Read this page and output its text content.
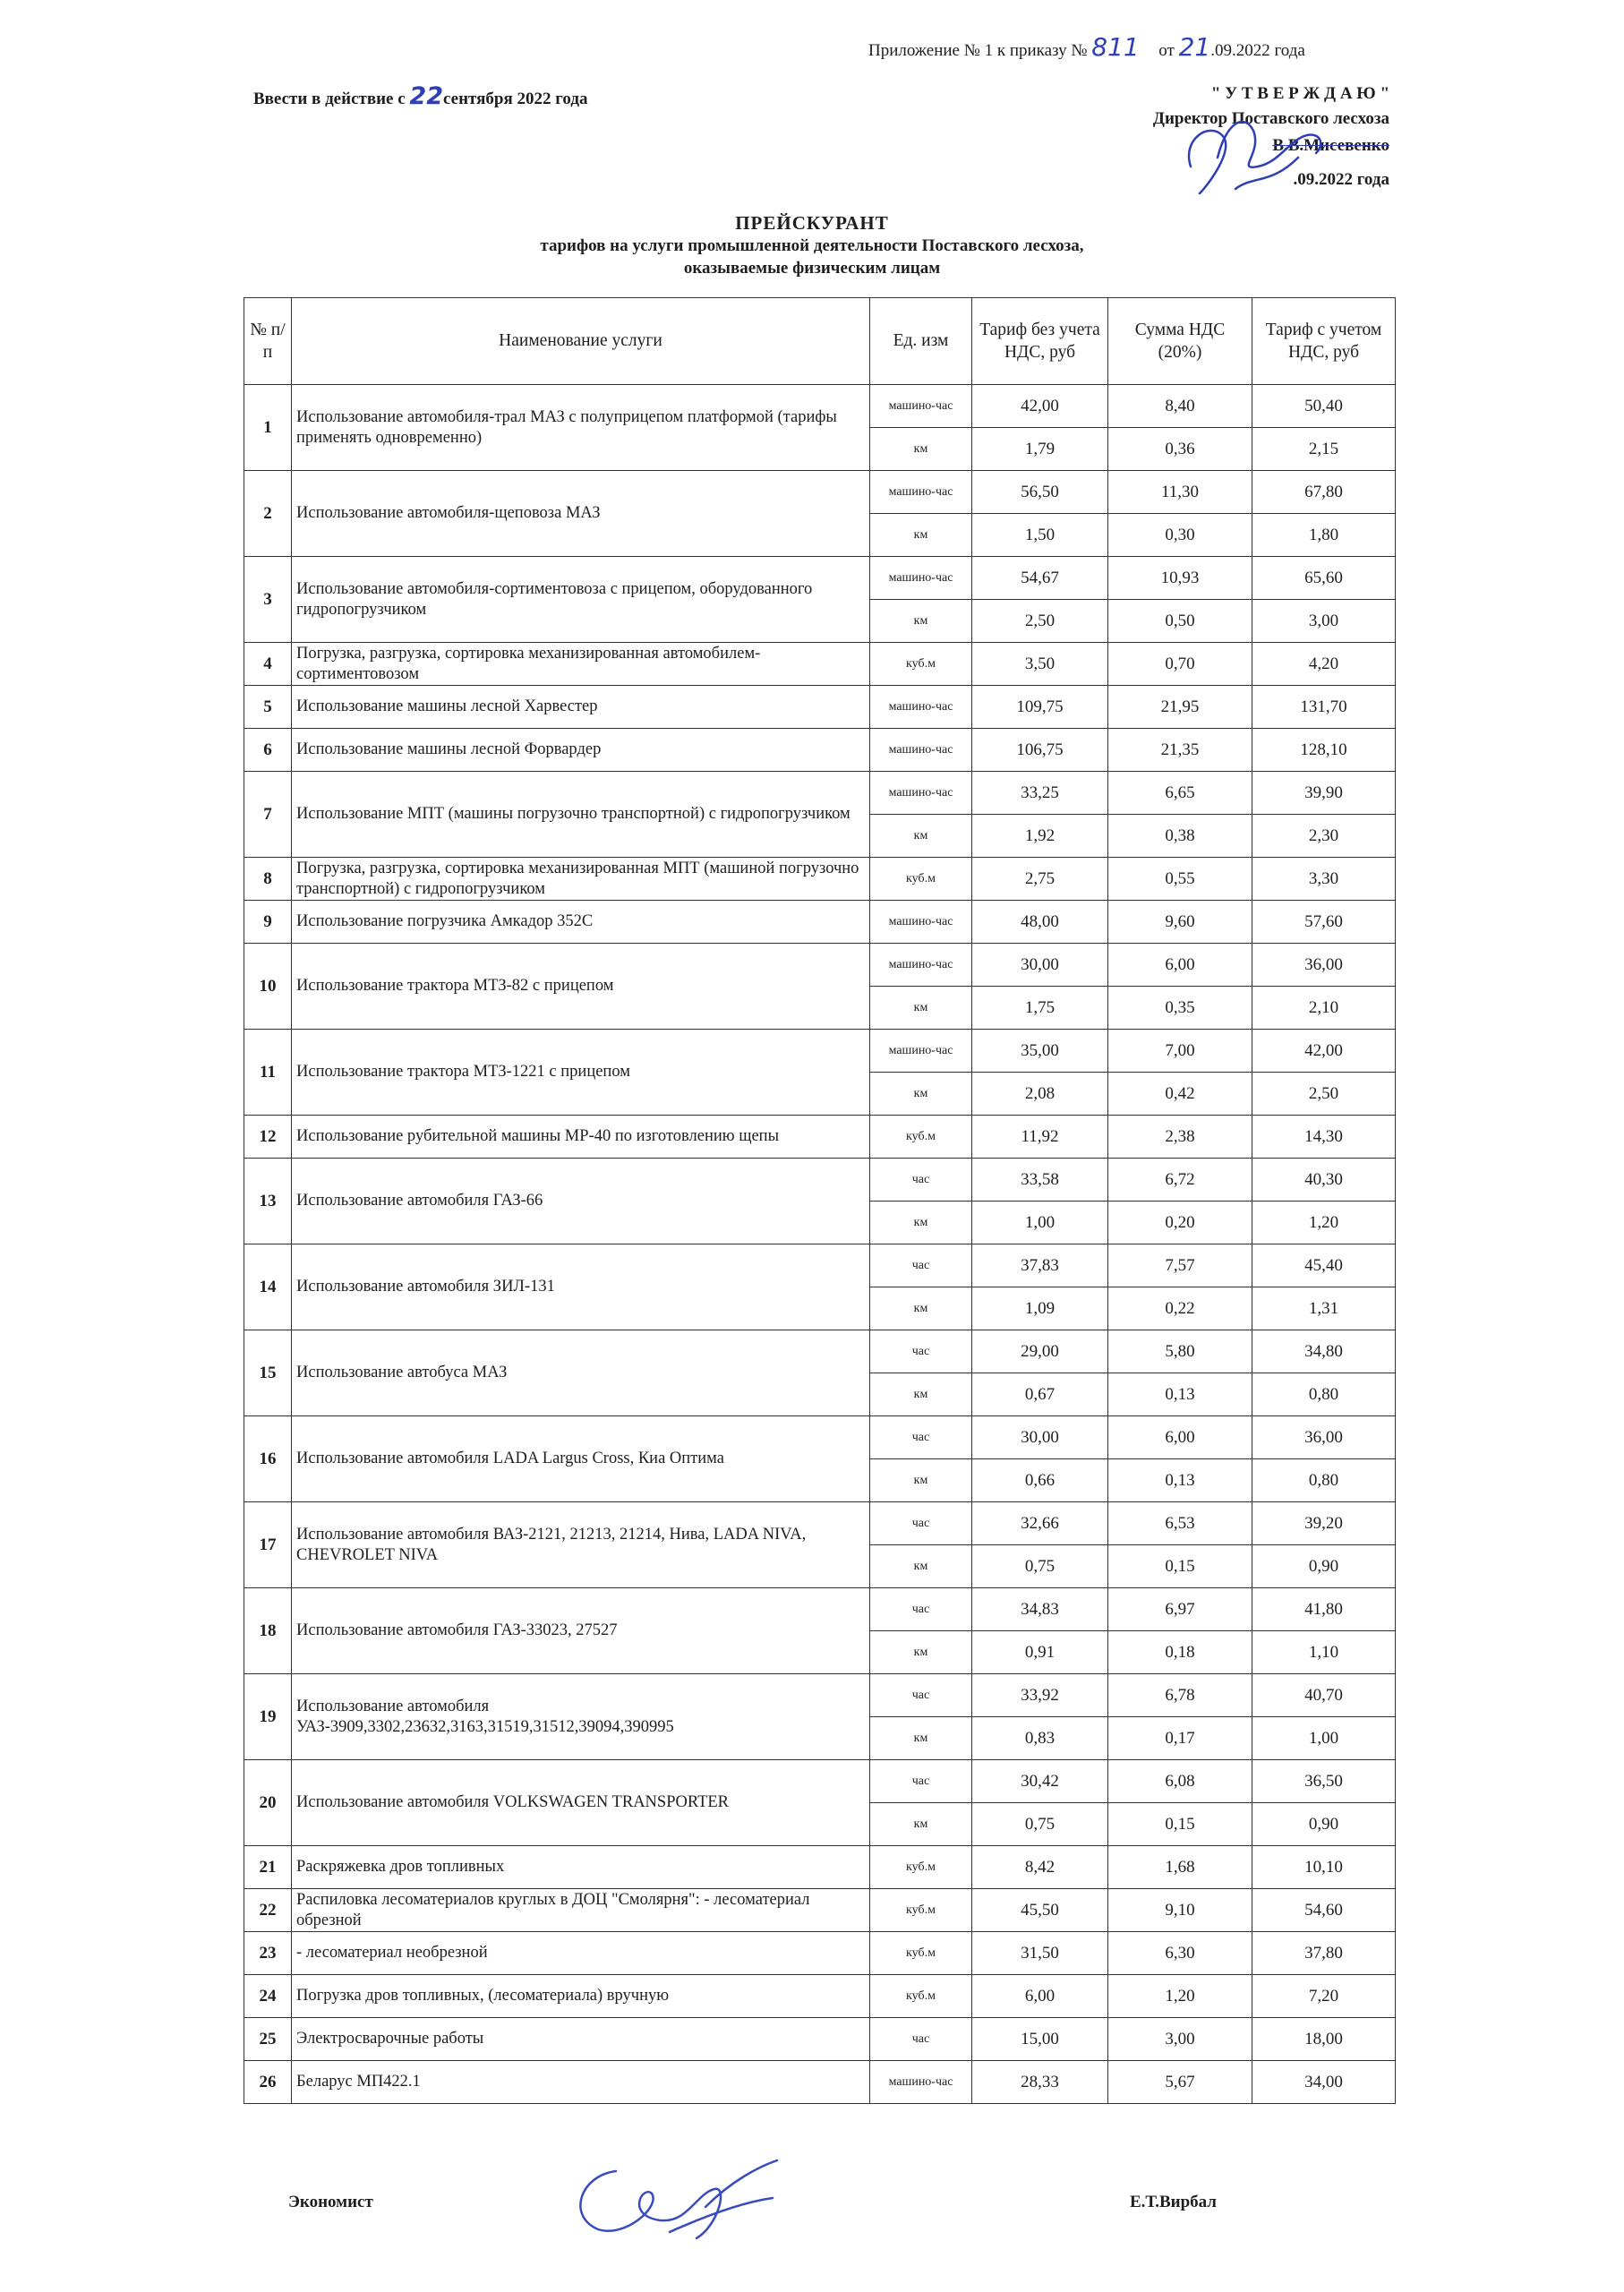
Приложение № 1 к приказу № 811 от 21.09.2022 года
Ввести в действие с 22сентября 2022 года	" У Т В Е Р Ж Д А Ю "
Директор Поставского лесхоза
В.В.Мисевенко
.09.2022 года
ПРЕЙСКУРАНТ
тарифов на услуги промышленной деятельности Поставского лесхоза,
оказываемые физическим лицам
№ п/п	Наименование услуги	Ед. изм	Тариф без учета НДС, руб	Сумма НДС (20%)	Тариф с учетом НДС, руб
1	Использование автомобиля-трал МАЗ с полуприцепом платформой (тарифы применять одновременно)	машино-час	42,00	8,40	50,40
		км	1,79	0,36	2,15
2	Использование автомобиля-щеповоза МАЗ	машино-час	56,50	11,30	67,80
		км	1,50	0,30	1,80
3	Использование автомобиля-сортиментовоза с прицепом, оборудованного гидропогрузчиком	машино-час	54,67	10,93	65,60
		км	2,50	0,50	3,00
4	Погрузка, разгрузка, сортировка механизированная автомобилем-сортиментовозом	куб.м	3,50	0,70	4,20
5	Использование машины лесной Харвестер	машино-час	109,75	21,95	131,70
6	Использование машины лесной Форвардер	машино-час	106,75	21,35	128,10
7	Использование МПТ (машины погрузочно транспортной) с гидропогрузчиком	машино-час	33,25	6,65	39,90
		км	1,92	0,38	2,30
8	Погрузка, разгрузка, сортировка механизированная МПТ (машиной погрузочно транспортной) с гидропогрузчиком	куб.м	2,75	0,55	3,30
9	Использование погрузчика Амкадор 352С	машино-час	48,00	9,60	57,60
10	Использование трактора МТЗ-82 с прицепом	машино-час	30,00	6,00	36,00
		км	1,75	0,35	2,10
11	Использование трактора МТЗ-1221 с прицепом	машино-час	35,00	7,00	42,00
		км	2,08	0,42	2,50
12	Использование рубительной машины МР-40 по изготовлению щепы	куб.м	11,92	2,38	14,30
13	Использование автомобиля ГАЗ-66	час	33,58	6,72	40,30
		км	1,00	0,20	1,20
14	Использование автомобиля ЗИЛ-131	час	37,83	7,57	45,40
		км	1,09	0,22	1,31
15	Использование автобуса МАЗ	час	29,00	5,80	34,80
		км	0,67	0,13	0,80
16	Использование автомобиля LADA Largus Cross, Киа Оптима	час	30,00	6,00	36,00
		км	0,66	0,13	0,80
17	Использование автомобиля ВАЗ-2121, 21213, 21214, Нива, LADA NIVA, CHEVROLET NIVA	час	32,66	6,53	39,20
		км	0,75	0,15	0,90
18	Использование автомобиля ГАЗ-33023, 27527	час	34,83	6,97	41,80
		км	0,91	0,18	1,10
19	Использование автомобиля УАЗ-3909,3302,23632,3163,31519,31512,39094,390995	час	33,92	6,78	40,70
		км	0,83	0,17	1,00
20	Использование автомобиля VOLKSWAGEN TRANSPORTER	час	30,42	6,08	36,50
		км	0,75	0,15	0,90
21	Раскряжевка дров топливных	куб.м	8,42	1,68	10,10
22	Распиловка лесоматериалов круглых в ДОЦ "Смолярня": - лесоматериал обрезной	куб.м	45,50	9,10	54,60
23	- лесоматериал необрезной	куб.м	31,50	6,30	37,80
24	Погрузка дров топливных, (лесоматериала) вручную	куб.м	6,00	1,20	7,20
25	Электросварочные работы	час	15,00	3,00	18,00
26	Беларус МП422.1	машино-час	28,33	5,67	34,00
Экономист	Е.Т.Вирбал
